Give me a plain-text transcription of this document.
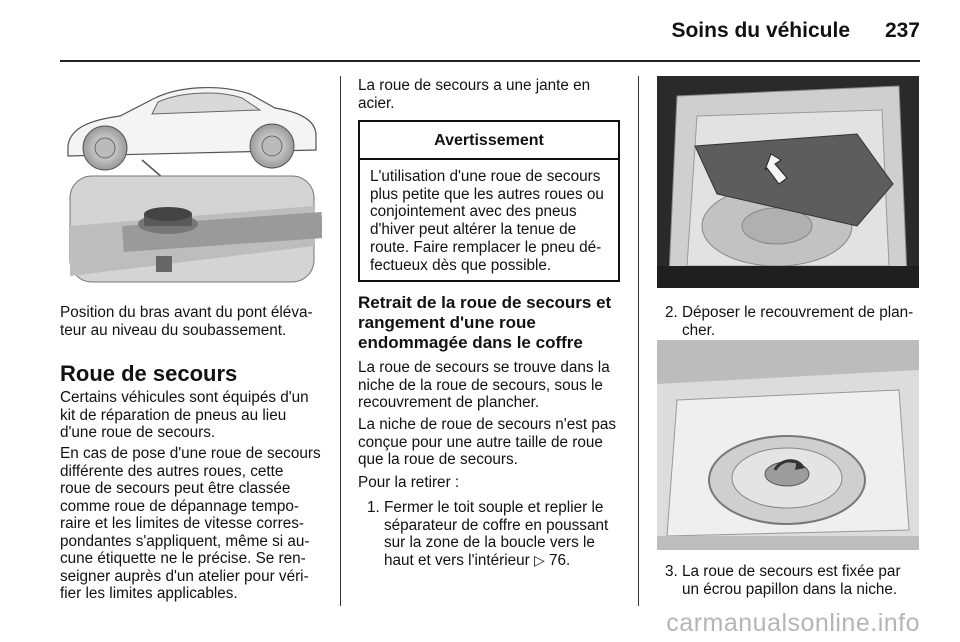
Soins du véhicule 237
Position du bras avant du pont éléva-
teur au niveau du soubassement.
Roue de secours
Certains véhicules sont équipés d'un
kit de réparation de pneus au lieu
d'une roue de secours.
En cas de pose d'une roue de secours
différente des autres roues, cette
roue de secours peut être classée
comme roue de dépannage tempo-
raire et les limites de vitesse corres-
pondantes s'appliquent, même si au-
cune étiquette ne le précise. Se ren-
seigner auprès d'un atelier pour véri-
fier les limites applicables.
La roue de secours a une jante en
acier.
Avertissement
L'utilisation d'une roue de secours
plus petite que les autres roues ou
conjointement avec des pneus
d'hiver peut altérer la tenue de
route. Faire remplacer le pneu dé-
fectueux dès que possible.
Retrait de la roue de secours et
rangement d'une roue
endommagée dans le coffre
La roue de secours se trouve dans la
niche de la roue de secours, sous le
recouvrement de plancher.
La niche de roue de secours n'est pas
conçue pour une autre taille de roue
que la roue de secours.
Pour la retirer :
1. Fermer le toit souple et replier le
séparateur de coffre en poussant
sur la zone de la boucle vers le
haut et vers l'intérieur ▷ 76.
2. Déposer le recouvrement de plan-
cher.
3. La roue de secours est fixée par
un écrou papillon dans la niche.
carmanualsonline.info
